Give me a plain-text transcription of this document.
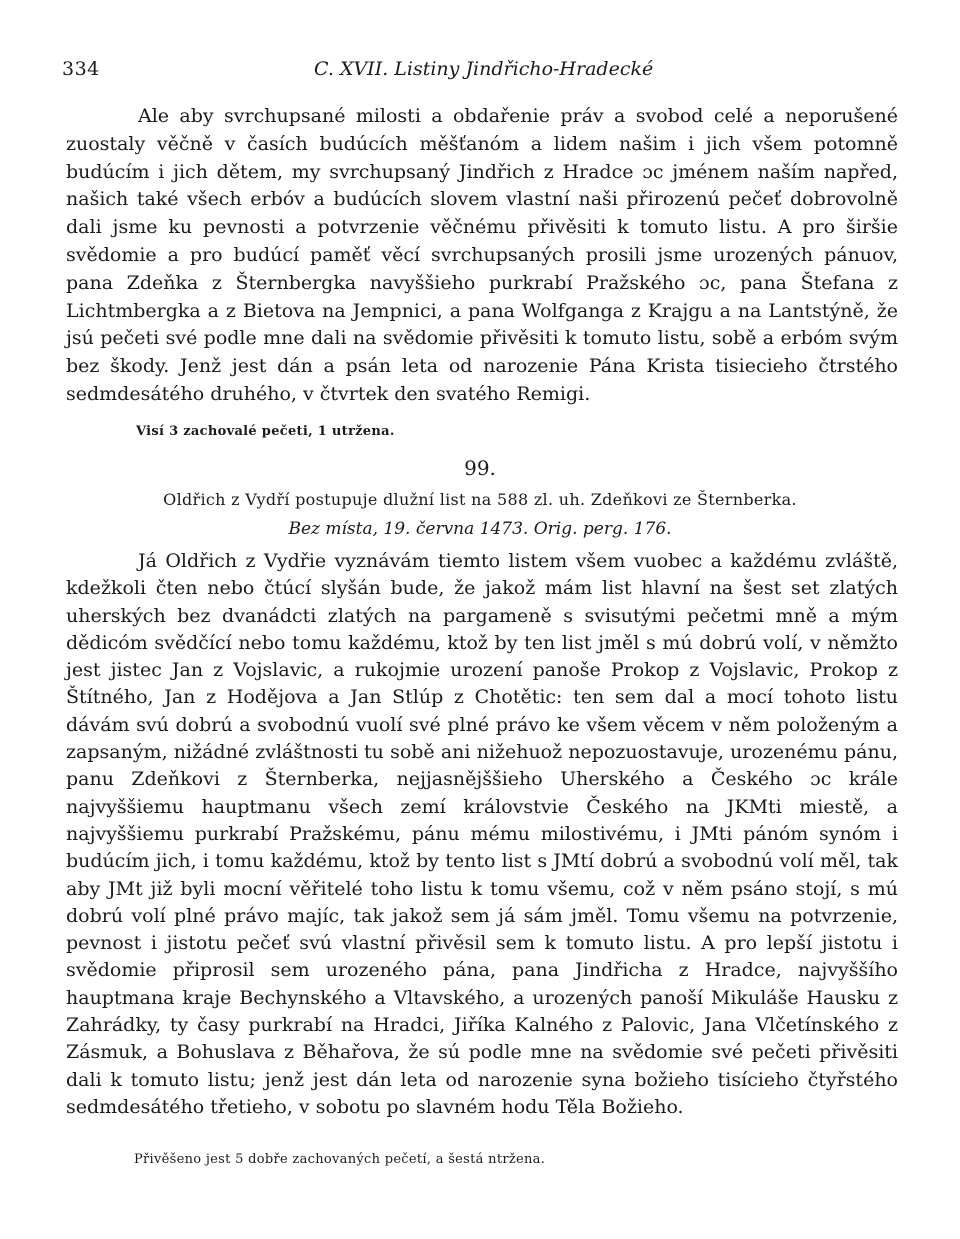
334	C. XVII. Listiny Jindřicho-Hradecké

Ale aby svrchupsané milosti a obdařenie práv a svobod celé a neporušené zuostaly věčně v časích budúcích měšťanóm a lidem našim i jich všem potomně budúcím i jich dětem, my svrchupsaný Jindřich z Hradce ɔc jménem naším napřed, našich také všech erbóv a budúcích slovem vlastní naši přirozenú pečeť dobrovolně dali jsme ku pevnosti a potvrzenie věčnému přivěsiti k tomuto listu. A pro širšie svědomie a pro budúcí paměť věcí svrchupsaných prosili jsme urozených pánuov, pana Zdeňka z Šternbergka navyššieho purkrabí Pražského ɔc, pana Štefana z Lichtmbergka a z Bietova na Jempnici, a pana Wolfganga z Krajgu a na Lantstýně, že jsú pečeti své podle mne dali na svědomie přivěsiti k tomuto listu, sobě a erbóm svým bez škody. Jenž jest dán a psán leta od narozenie Pána Krista tisiecieho čtrstého sedmdesátého druhého, v čtvrtek den svatého Remigi.

Visí 3 zachovalé pečeti, 1 utržena.

99.
Oldřich z Vydří postupuje dlužní list na 588 zl. uh. Zdeňkovi ze Šternberka.
Bez místa, 19. června 1473. Orig. perg. 176.

Já Oldřich z Vydřie vyznávám tiemto listem všem vuobec a každému zvláště, kdežkoli čten nebo čtúcí slyšán bude, že jakož mám list hlavní na šest set zlatých uherských bez dvanádcti zlatých na pargameně s svisutými pečetmi mně a mým dědicóm svědčící nebo tomu každému, ktož by ten list jměl s mú dobrú volí, v němžto jest jistec Jan z Vojslavic, a rukojmie urození panoše Prokop z Vojslavic, Prokop z Štítného, Jan z Hodějova a Jan Stlúp z Chotětic: ten sem dal a mocí tohoto listu dávám svú dobrú a svobodnú vuolí své plné právo ke všem věcem v něm položeným a zapsaným, nižádné zvláštnosti tu sobě ani nižehuož nepozuostavuje, urozenému pánu, panu Zdeňkovi z Šternberka, nejjasnějššieho Uherského a Českého ɔc krále najvyššiemu hauptmanu všech zemí královstvie Českého na JKMti miestě, a najvyššiemu purkrabí Pražskému, pánu mému milostivému, i JMti pánóm synóm i budúcím jich, i tomu každému, ktož by tento list s JMtí dobrú a svobodnú volí měl, tak aby JMt již byli mocní věřitelé toho listu k tomu všemu, což v něm psáno stojí, s mú dobrú volí plné právo majíc, tak jakož sem já sám jměl. Tomu všemu na potvrzenie, pevnost i jistotu pečeť svú vlastní přivěsil sem k tomuto listu. A pro lepší jistotu i svědomie připrosil sem urozeného pána, pana Jindřicha z Hradce, najvyššího hauptmana kraje Bechynského a Vltavského, a urozených panoší Mikuláše Hausku z Zahrádky, ty časy purkrabí na Hradci, Jiříka Kalného z Palovic, Jana Vlčetínského z Zásmuk, a Bohuslava z Běhařova, že sú podle mne na svědomie své pečeti přivěsiti dali k tomuto listu; jenž jest dán leta od narozenie syna božieho tisícieho čtyřstého sedmdesátého třetieho, v sobotu po slavném hodu Těla Božieho.

Přivěšeno jest 5 dobře zachovaných pečetí, a šestá ntržena.
